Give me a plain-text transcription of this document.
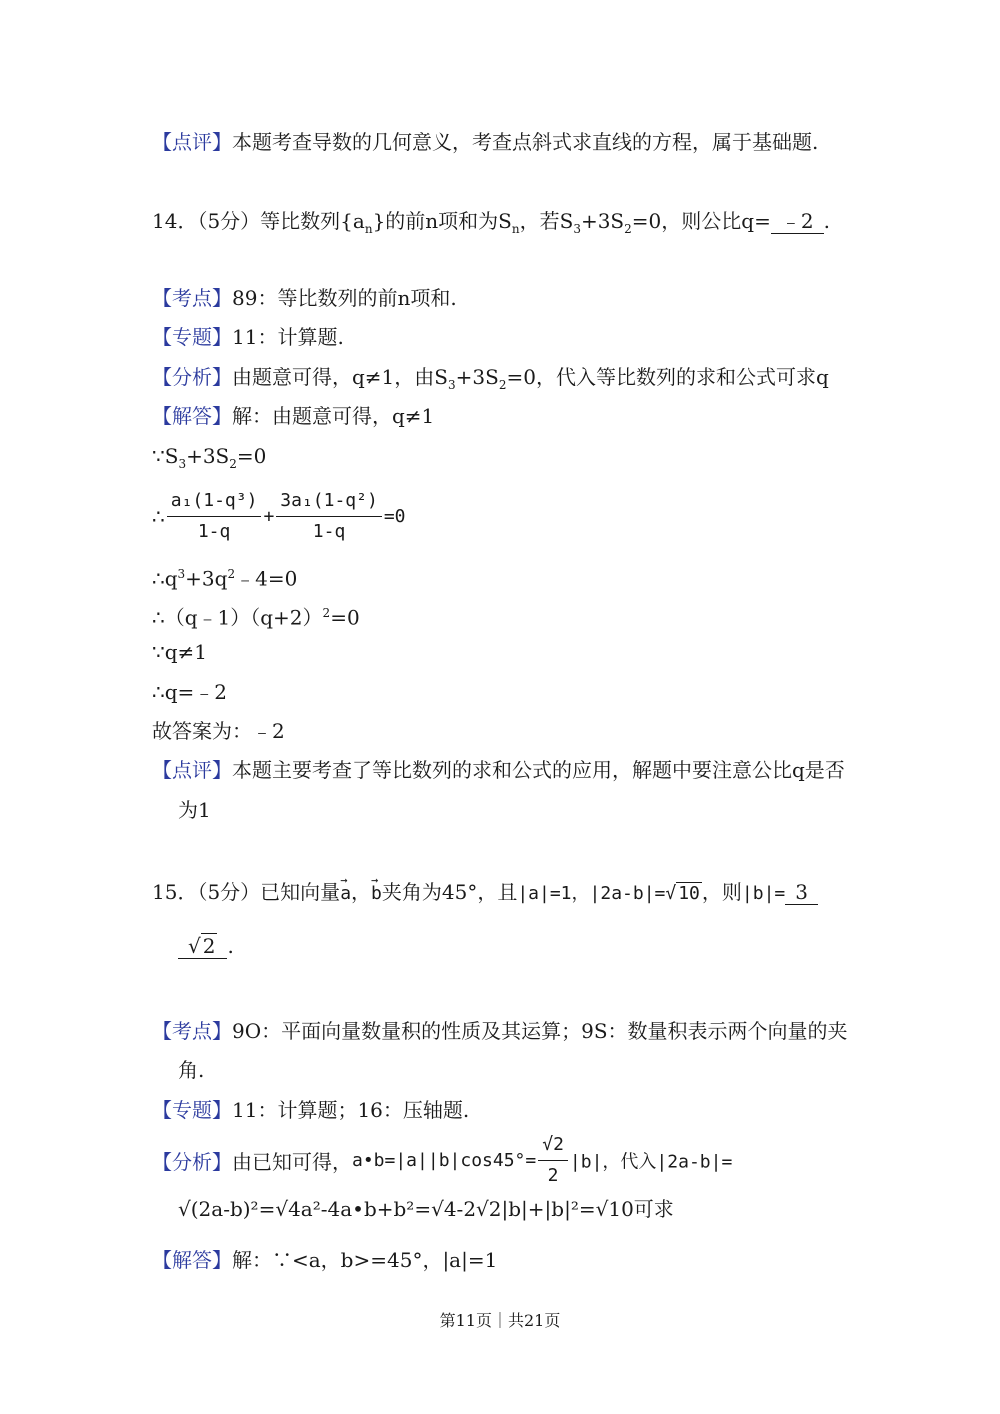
【点评】本题考查导数的几何意义，考查点斜式求直线的方程，属于基础题.
14．（5分）等比数列$\{a_n\}$的前n项和为$S_n$，若$S_3+3S_2=0$，则公比q= ﹣2 .
【考点】89：等比数列的前n项和.
【专题】11：计算题.
【分析】由题意可得，q≠1，由$S_3+3S_2=0$，代入等比数列的求和公式可求q
【解答】解：由题意可得，q≠1
$\because S_3+3S_2=0$
∴ $\frac{\text{a₁(1-q³)}}{1-q} + \frac{\text{3a₁(1-q²)}}{1-q} =0$
$\therefore q^3+3q^2﹣4=0$
$\therefore(q﹣1)(q+2)^2=0$
∵q≠1
∴q=﹣2
故答案为：﹣2
【点评】本题主要考查了等比数列的求和公式的应用，解题中要注意公比q是否
为1
15．（5分）已知向量→ a，→ b夹角为45°，且|a|=1，|2a-b|=√ 10 ，则|b|= 3
√ 2 .
【考点】9O：平面向量数量积的性质及其运算；9S：数量积表示两个向量的夹
角.
【专题】11：计算题；16：压轴题.
【分析】由已知可得，a•b=|a||b|cos45°= $\frac{√2}{2} |b|$，代入|2a-b|=
√(2a-b)²=√4a²-4a•b+b²=√4-2√2|b|+|b|²=√10可求
【解答】解：∵<a，b>=45°，|a|=1
第11页｜共21页
